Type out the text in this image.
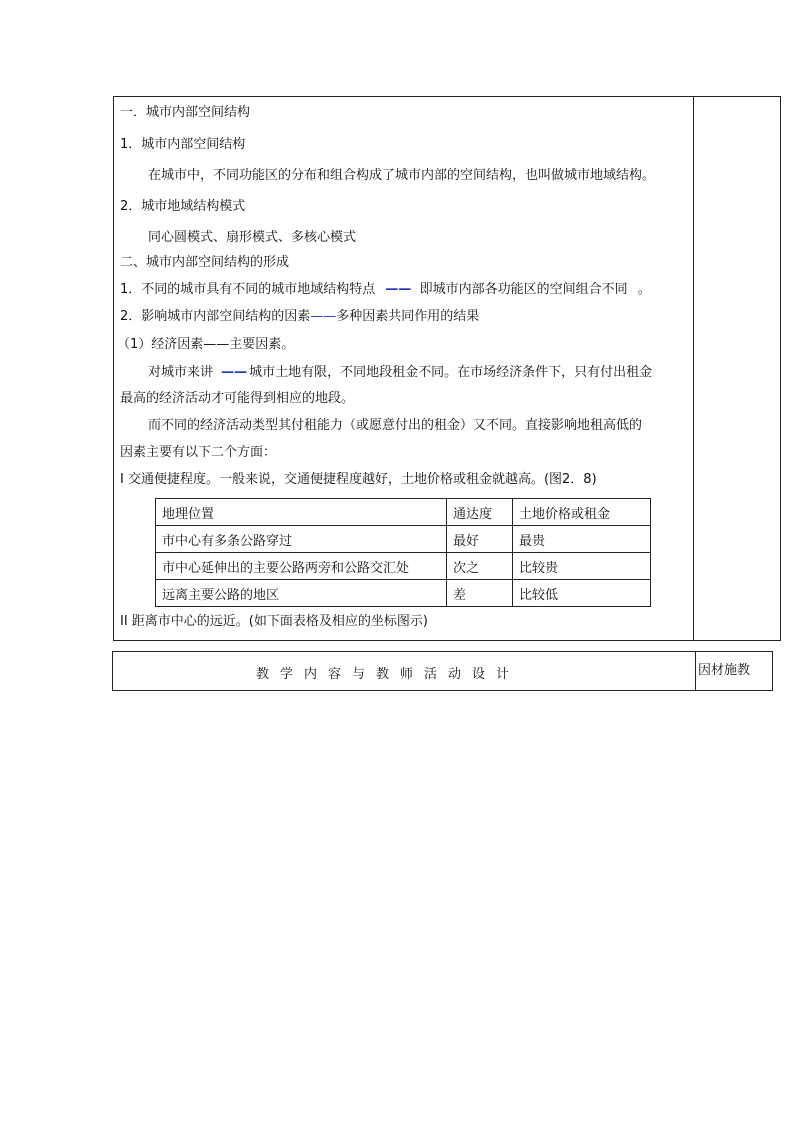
一．城市内部空间结构
1．城市内部空间结构
在城市中，不同功能区的分布和组合构成了城市内部的空间结构，也叫做城市地域结构。
2．城市地域结构模式
同心圆模式、扇形模式、多核心模式
二、城市内部空间结构的形成
1．不同的城市具有不同的城市地域结构特点 —— 即城市内部各功能区的空间组合不同 。
2．影响城市内部空间结构的因素——多种因素共同作用的结果
（1）经济因素——主要因素。
对城市来讲 —— 城市土地有限，不同地段租金不同。在市场经济条件下，只有付出租金
最高的经济活动才可能得到相应的地段。
而不同的经济活动类型其付租能力（或愿意付出的租金）又不同。直接影响地租高低的
因素主要有以下二个方面：
I 交通便捷程度。一般来说，交通便捷程度越好，土地价格或租金就越高。(图2．8)
地理位置	通达度	土地价格或租金
市中心有多条公路穿过	最好	最贵
市中心延伸出的主要公路两旁和公路交汇处	次之	比较贵
远离主要公路的地区	差	比较低
II 距离市中心的远近。(如下面表格及相应的坐标图示)
教学内容与教师活动设计	因材施教
